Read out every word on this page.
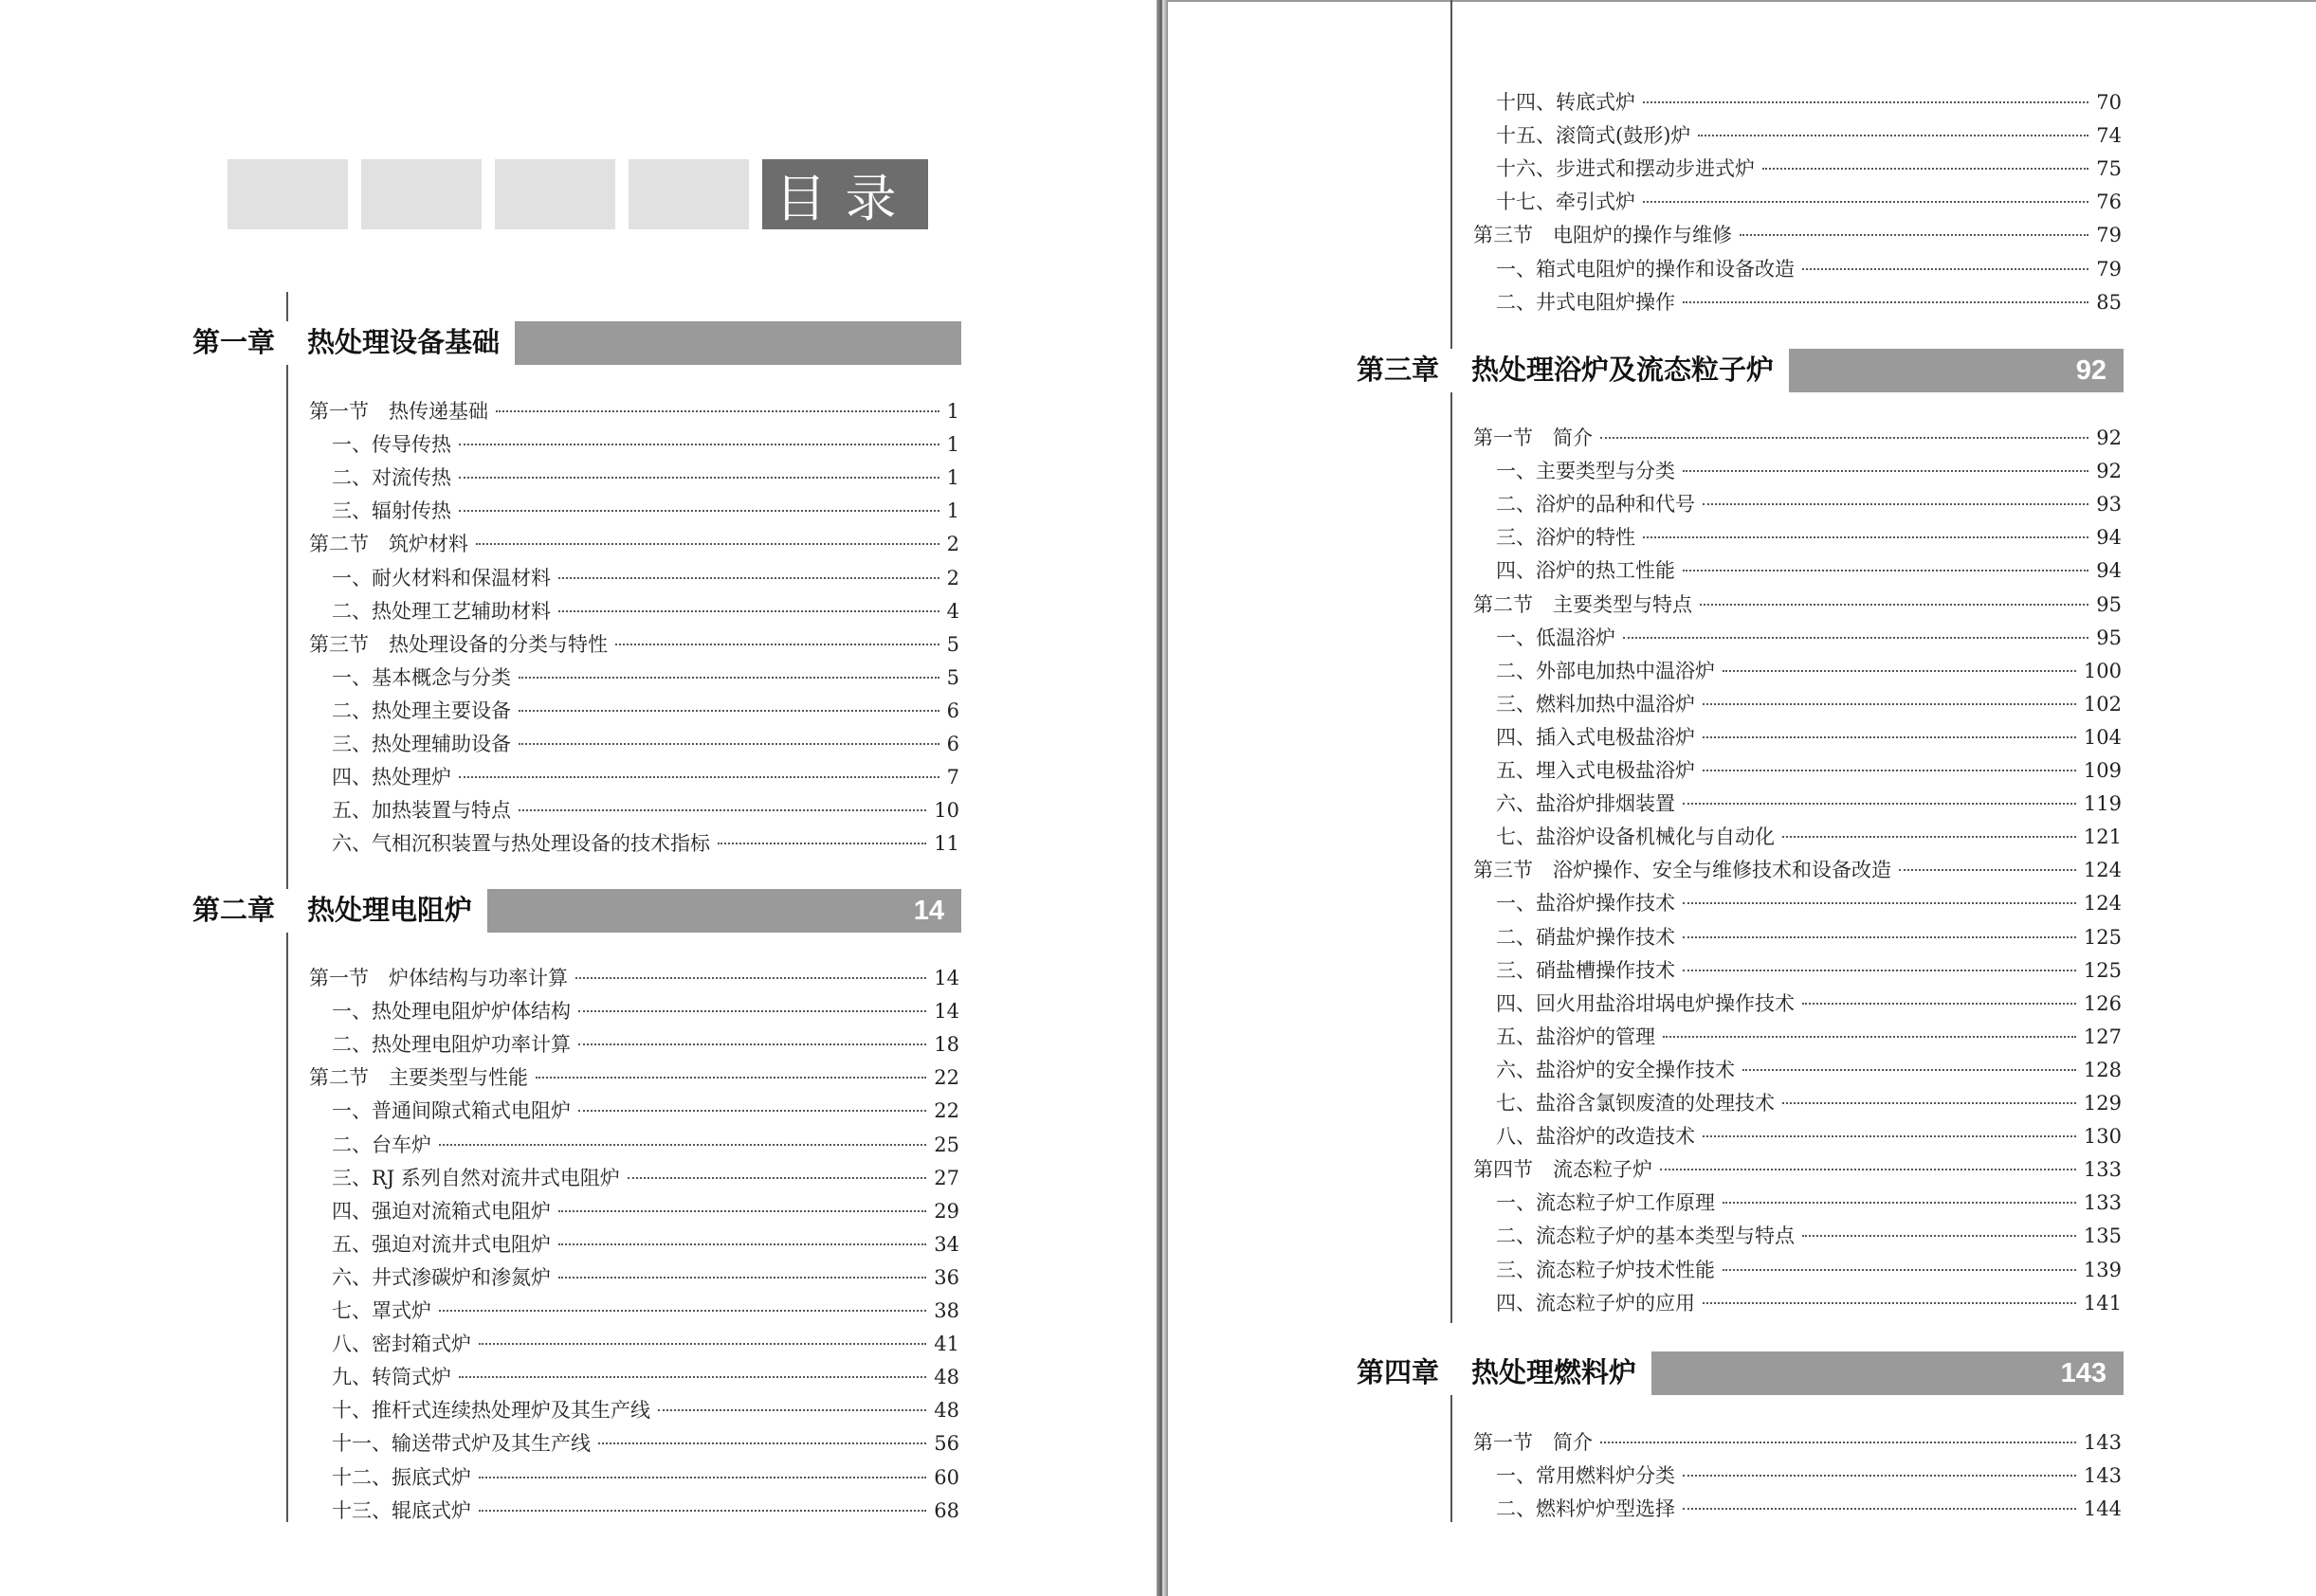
目录
第一章	热处理设备基础
第一节　热传递基础	1
一、传导传热	1
二、对流传热	1
三、辐射传热	1
第二节　筑炉材料	2
一、耐火材料和保温材料	2
二、热处理工艺辅助材料	4
第三节　热处理设备的分类与特性	5
一、基本概念与分类	5
二、热处理主要设备	6
三、热处理辅助设备	6
四、热处理炉	7
五、加热装置与特点	10
六、气相沉积装置与热处理设备的技术指标	11
第二章	热处理电阻炉	14
第一节　炉体结构与功率计算	14
一、热处理电阻炉炉体结构	14
二、热处理电阻炉功率计算	18
第二节　主要类型与性能	22
一、普通间隙式箱式电阻炉	22
二、台车炉	25
三、RJ 系列自然对流井式电阻炉	27
四、强迫对流箱式电阻炉	29
五、强迫对流井式电阻炉	34
六、井式渗碳炉和渗氮炉	36
七、罩式炉	38
八、密封箱式炉	41
九、转筒式炉	48
十、推杆式连续热处理炉及其生产线	48
十一、输送带式炉及其生产线	56
十二、振底式炉	60
十三、辊底式炉	68
十四、转底式炉	70
十五、滚筒式(鼓形)炉	74
十六、步进式和摆动步进式炉	75
十七、牵引式炉	76
第三节　电阻炉的操作与维修	79
一、箱式电阻炉的操作和设备改造	79
二、井式电阻炉操作	85
第三章	热处理浴炉及流态粒子炉	92
第一节　简介	92
一、主要类型与分类	92
二、浴炉的品种和代号	93
三、浴炉的特性	94
四、浴炉的热工性能	94
第二节　主要类型与特点	95
一、低温浴炉	95
二、外部电加热中温浴炉	100
三、燃料加热中温浴炉	102
四、插入式电极盐浴炉	104
五、埋入式电极盐浴炉	109
六、盐浴炉排烟装置	119
七、盐浴炉设备机械化与自动化	121
第三节　浴炉操作、安全与维修技术和设备改造	124
一、盐浴炉操作技术	124
二、硝盐炉操作技术	125
三、硝盐槽操作技术	125
四、回火用盐浴坩埚电炉操作技术	126
五、盐浴炉的管理	127
六、盐浴炉的安全操作技术	128
七、盐浴含氯钡废渣的处理技术	129
八、盐浴炉的改造技术	130
第四节　流态粒子炉	133
一、流态粒子炉工作原理	133
二、流态粒子炉的基本类型与特点	135
三、流态粒子炉技术性能	139
四、流态粒子炉的应用	141
第四章	热处理燃料炉	143
第一节　简介	143
一、常用燃料炉分类	143
二、燃料炉炉型选择	144
